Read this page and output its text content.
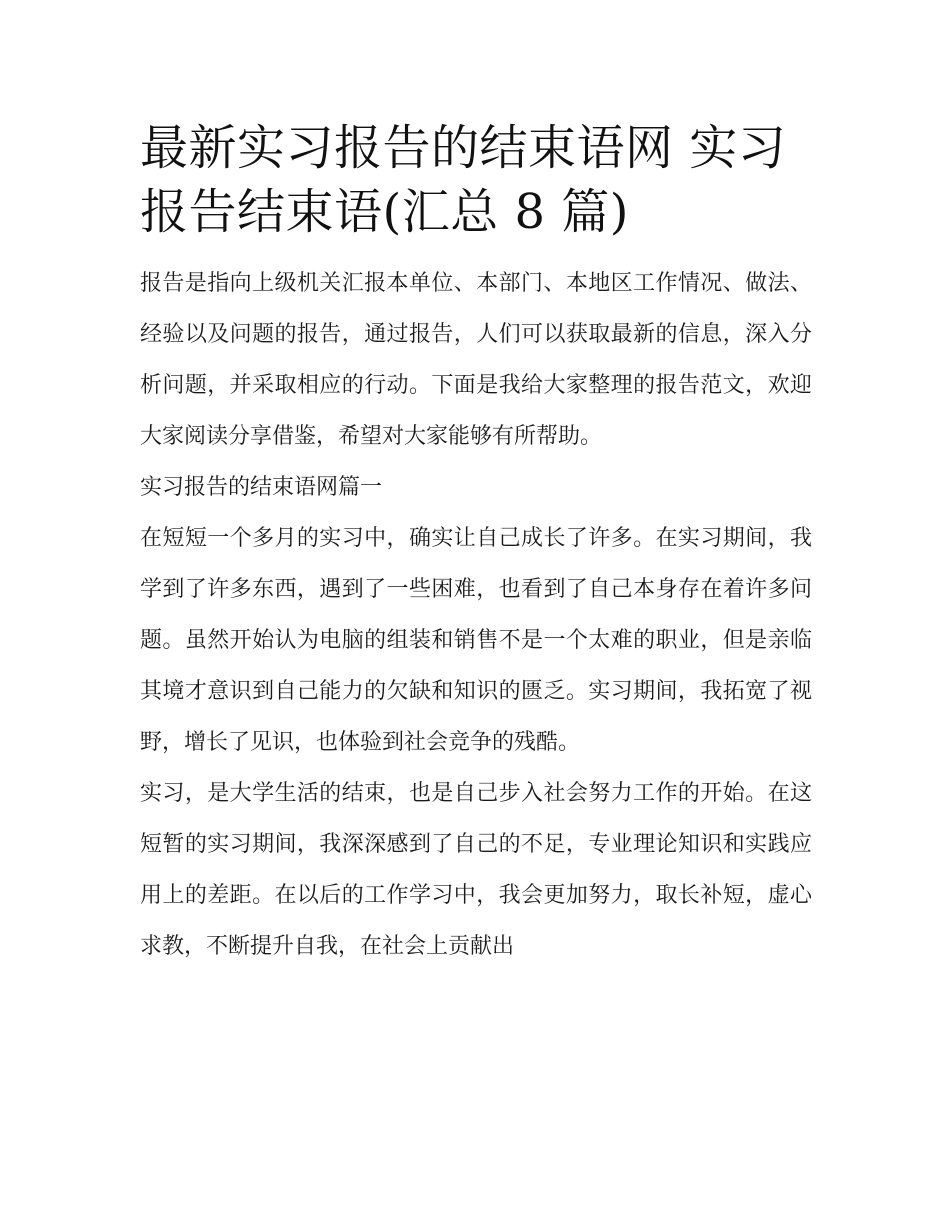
最新实习报告的结束语网 实习报告结束语(汇总 8 篇)

报告是指向上级机关汇报本单位、本部门、本地区工作情况、做法、经验以及问题的报告，通过报告，人们可以获取最新的信息，深入分析问题，并采取相应的行动。下面是我给大家整理的报告范文，欢迎大家阅读分享借鉴，希望对大家能够有所帮助。

实习报告的结束语网篇一

在短短一个多月的实习中，确实让自己成长了许多。在实习期间，我学到了许多东西，遇到了一些困难，也看到了自己本身存在着许多问题。虽然开始认为电脑的组装和销售不是一个太难的职业，但是亲临其境才意识到自己能力的欠缺和知识的匮乏。实习期间，我拓宽了视野，增长了见识，也体验到社会竞争的残酷。

实习，是大学生活的结束，也是自己步入社会努力工作的开始。在这短暂的实习期间，我深深感到了自己的不足，专业理论知识和实践应用上的差距。在以后的工作学习中，我会更加努力，取长补短，虚心求教，不断提升自我，在社会上贡献出
